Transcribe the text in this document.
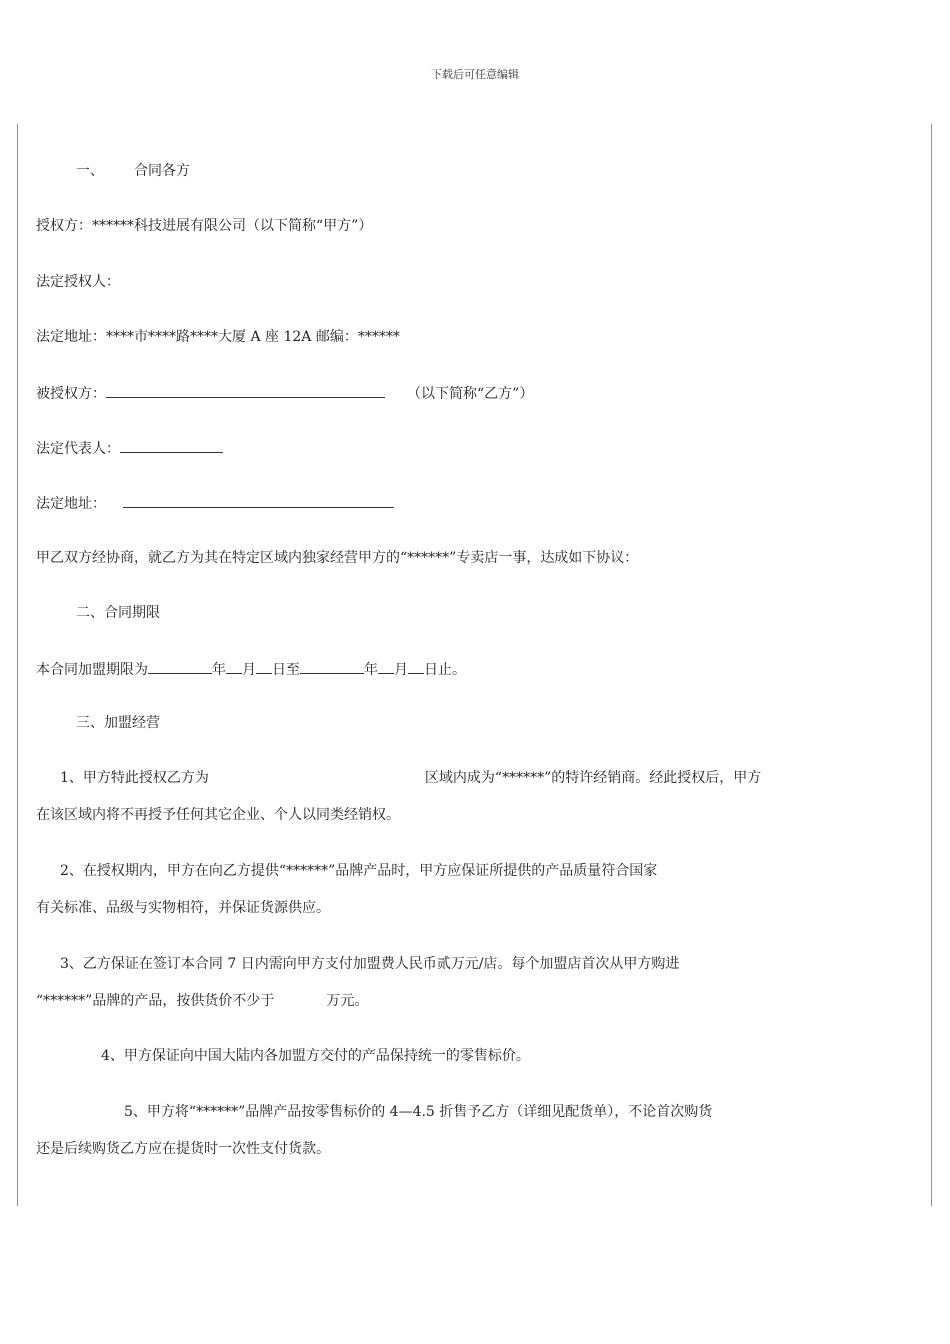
下载后可任意编辑
一、 合同各方
授权方：******科技进展有限公司（以下简称“甲方”）
法定授权人：
法定地址：****市****路****大厦 A 座 12A 邮编：******
被授权方：	（以下简称“乙方”）
法定代表人：
法定地址：
甲乙双方经协商，就乙方为其在特定区域内独家经营甲方的“******”专卖店一事，达成如下协议：
二、合同期限
本合同加盟期限为	年 月 日至	年 月 日止。
三、加盟经营
1、甲方特此授权乙方为	区域内成为“******”的特许经销商。经此授权后，甲方
在该区域内将不再授予任何其它企业、个人以同类经销权。
2、在授权期内，甲方在向乙方提供“******”品牌产品时，甲方应保证所提供的产品质量符合国家
有关标准、品级与实物相符，并保证货源供应。
3、乙方保证在签订本合同 7 日内需向甲方支付加盟费人民币贰万元/店。每个加盟店首次从甲方购进
“******”品牌的产品，按供货价不少于	万元。
4、甲方保证向中国大陆内各加盟方交付的产品保持统一的零售标价。
5、甲方将“******”品牌产品按零售标价的 4—4.5 折售予乙方（详细见配货单），不论首次购货
还是后续购货乙方应在提货时一次性支付货款。
